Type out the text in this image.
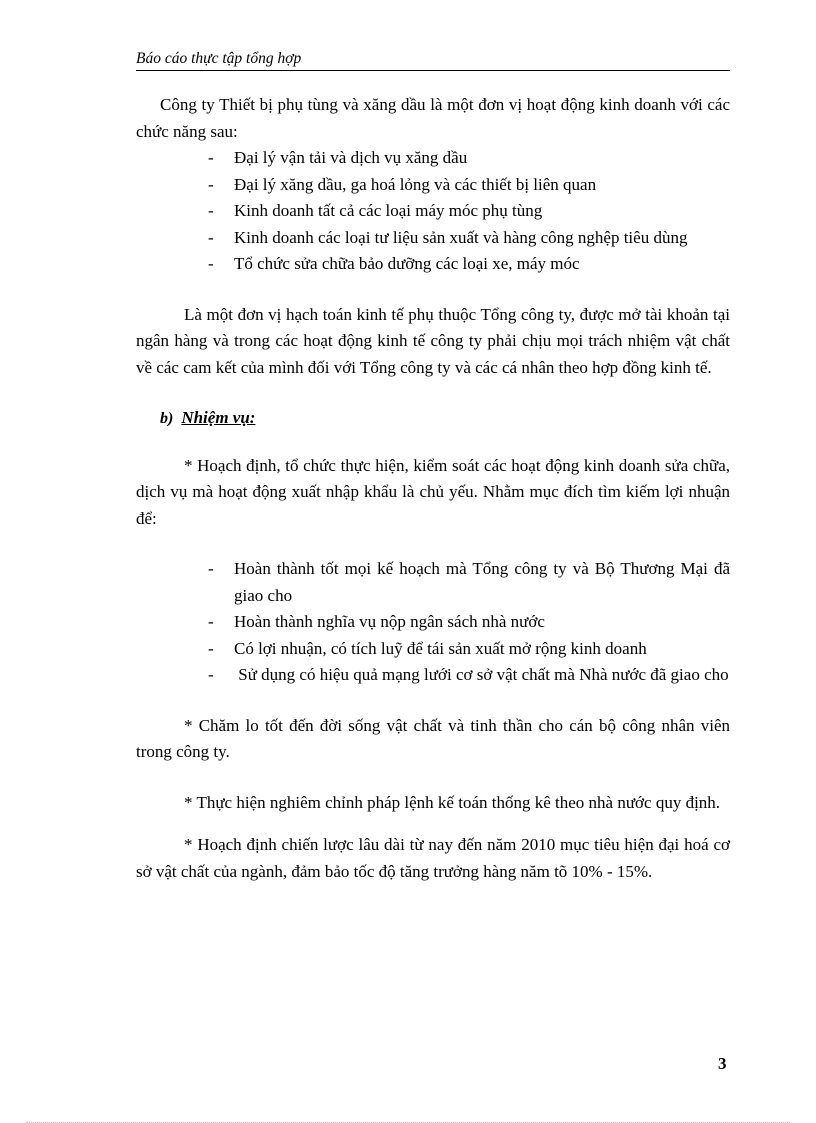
Báo cáo thực tập tổng hợp

Công ty Thiết bị phụ tùng và xăng dầu là một đơn vị hoạt động kinh doanh với các chức năng sau:

- Đại lý vận tải và dịch vụ xăng dầu
- Đại lý xăng dầu, ga hoá lỏng và các thiết bị liên quan
- Kinh doanh tất cả các loại máy móc phụ tùng
- Kinh doanh các loại tư liệu sản xuất và hàng công nghệp tiêu dùng
- Tổ chức sửa chữa bảo dưỡng các loại xe, máy móc

Là một đơn vị hạch toán kinh tế phụ thuộc Tổng công ty, được mở tài khoản tại ngân hàng và trong các hoạt động kinh tế công ty phải chịu mọi trách nhiệm vật chất về các cam kết của mình đối với Tổng công ty và các cá nhân theo hợp đồng kinh tế.

b) Nhiệm vụ:

* Hoạch định, tổ chức thực hiện, kiểm soát các hoạt động kinh doanh sửa chữa, dịch vụ mà hoạt động xuất nhập khẩu là chủ yếu. Nhằm mục đích tìm kiếm lợi nhuận để:

- Hoàn thành tốt mọi kế hoạch mà Tổng công ty và Bộ Thương Mại đã giao cho
- Hoàn thành nghĩa vụ nộp ngân sách nhà nước
- Có lợi nhuận, có tích luỹ để tái sản xuất mở rộng kinh doanh
- Sử dụng có hiệu quả mạng lưới cơ sở vật chất mà Nhà nước đã giao cho

* Chăm lo tốt đến đời sống vật chất và tinh thần cho cán bộ công nhân viên trong công ty.

* Thực hiện nghiêm chỉnh pháp lệnh kế toán thống kê theo nhà nước quy định.

* Hoạch định chiến lược lâu dài từ nay đến năm 2010 mục tiêu hiện đại hoá cơ sở vật chất của ngành, đảm bảo tốc độ tăng trưởng hàng năm tõ 10% - 15%.

3
